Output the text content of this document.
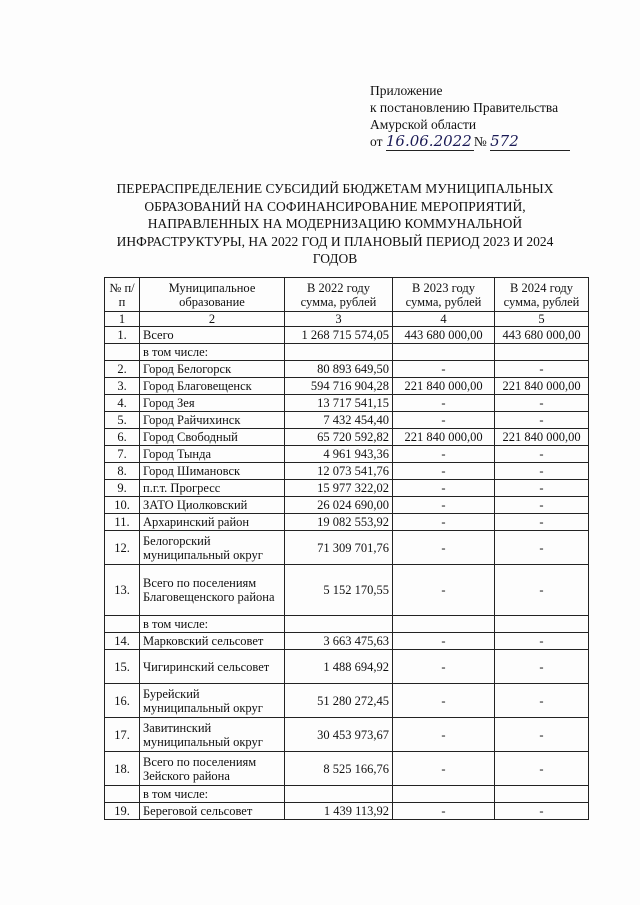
Приложение
к постановлению Правительства
Амурской области
от 16.06.2022 № 572
ПЕРЕРАСПРЕДЕЛЕНИЕ СУБСИДИЙ БЮДЖЕТАМ МУНИЦИПАЛЬНЫХ ОБРАЗОВАНИЙ НА СОФИНАНСИРОВАНИЕ МЕРОПРИЯТИЙ, НАПРАВЛЕННЫХ НА МОДЕРНИЗАЦИЮ КОММУНАЛЬНОЙ ИНФРАСТРУКТУРЫ, НА 2022 ГОД И ПЛАНОВЫЙ ПЕРИОД 2023 И 2024 ГОДОВ
№ п/п	Муниципальное образование	В 2022 году сумма, рублей	В 2023 году сумма, рублей	В 2024 году сумма, рублей
1	2	3	4	5
1.	Всего	1 268 715 574,05	443 680 000,00	443 680 000,00
	в том числе:			
2.	Город Белогорск	80 893 649,50	-	-
3.	Город Благовещенск	594 716 904,28	221 840 000,00	221 840 000,00
4.	Город Зея	13 717 541,15	-	-
5.	Город Райчихинск	7 432 454,40	-	-
6.	Город Свободный	65 720 592,82	221 840 000,00	221 840 000,00
7.	Город Тында	4 961 943,36	-	-
8.	Город Шимановск	12 073 541,76	-	-
9.	п.г.т. Прогресс	15 977 322,02	-	-
10.	ЗАТО Циолковский	26 024 690,00	-	-
11.	Архаринский район	19 082 553,92	-	-
12.	Белогорский муниципальный округ	71 309 701,76	-	-
13.	Всего по поселениям Благовещенского района	5 152 170,55	-	-
	в том числе:			
14.	Марковский сельсовет	3 663 475,63	-	-
15.	Чигиринский сельсовет	1 488 694,92	-	-
16.	Бурейский муниципальный округ	51 280 272,45	-	-
17.	Завитинский муниципальный округ	30 453 973,67	-	-
18.	Всего по поселениям Зейского района	8 525 166,76	-	-
	в том числе:			
19.	Береговой сельсовет	1 439 113,92	-	-
